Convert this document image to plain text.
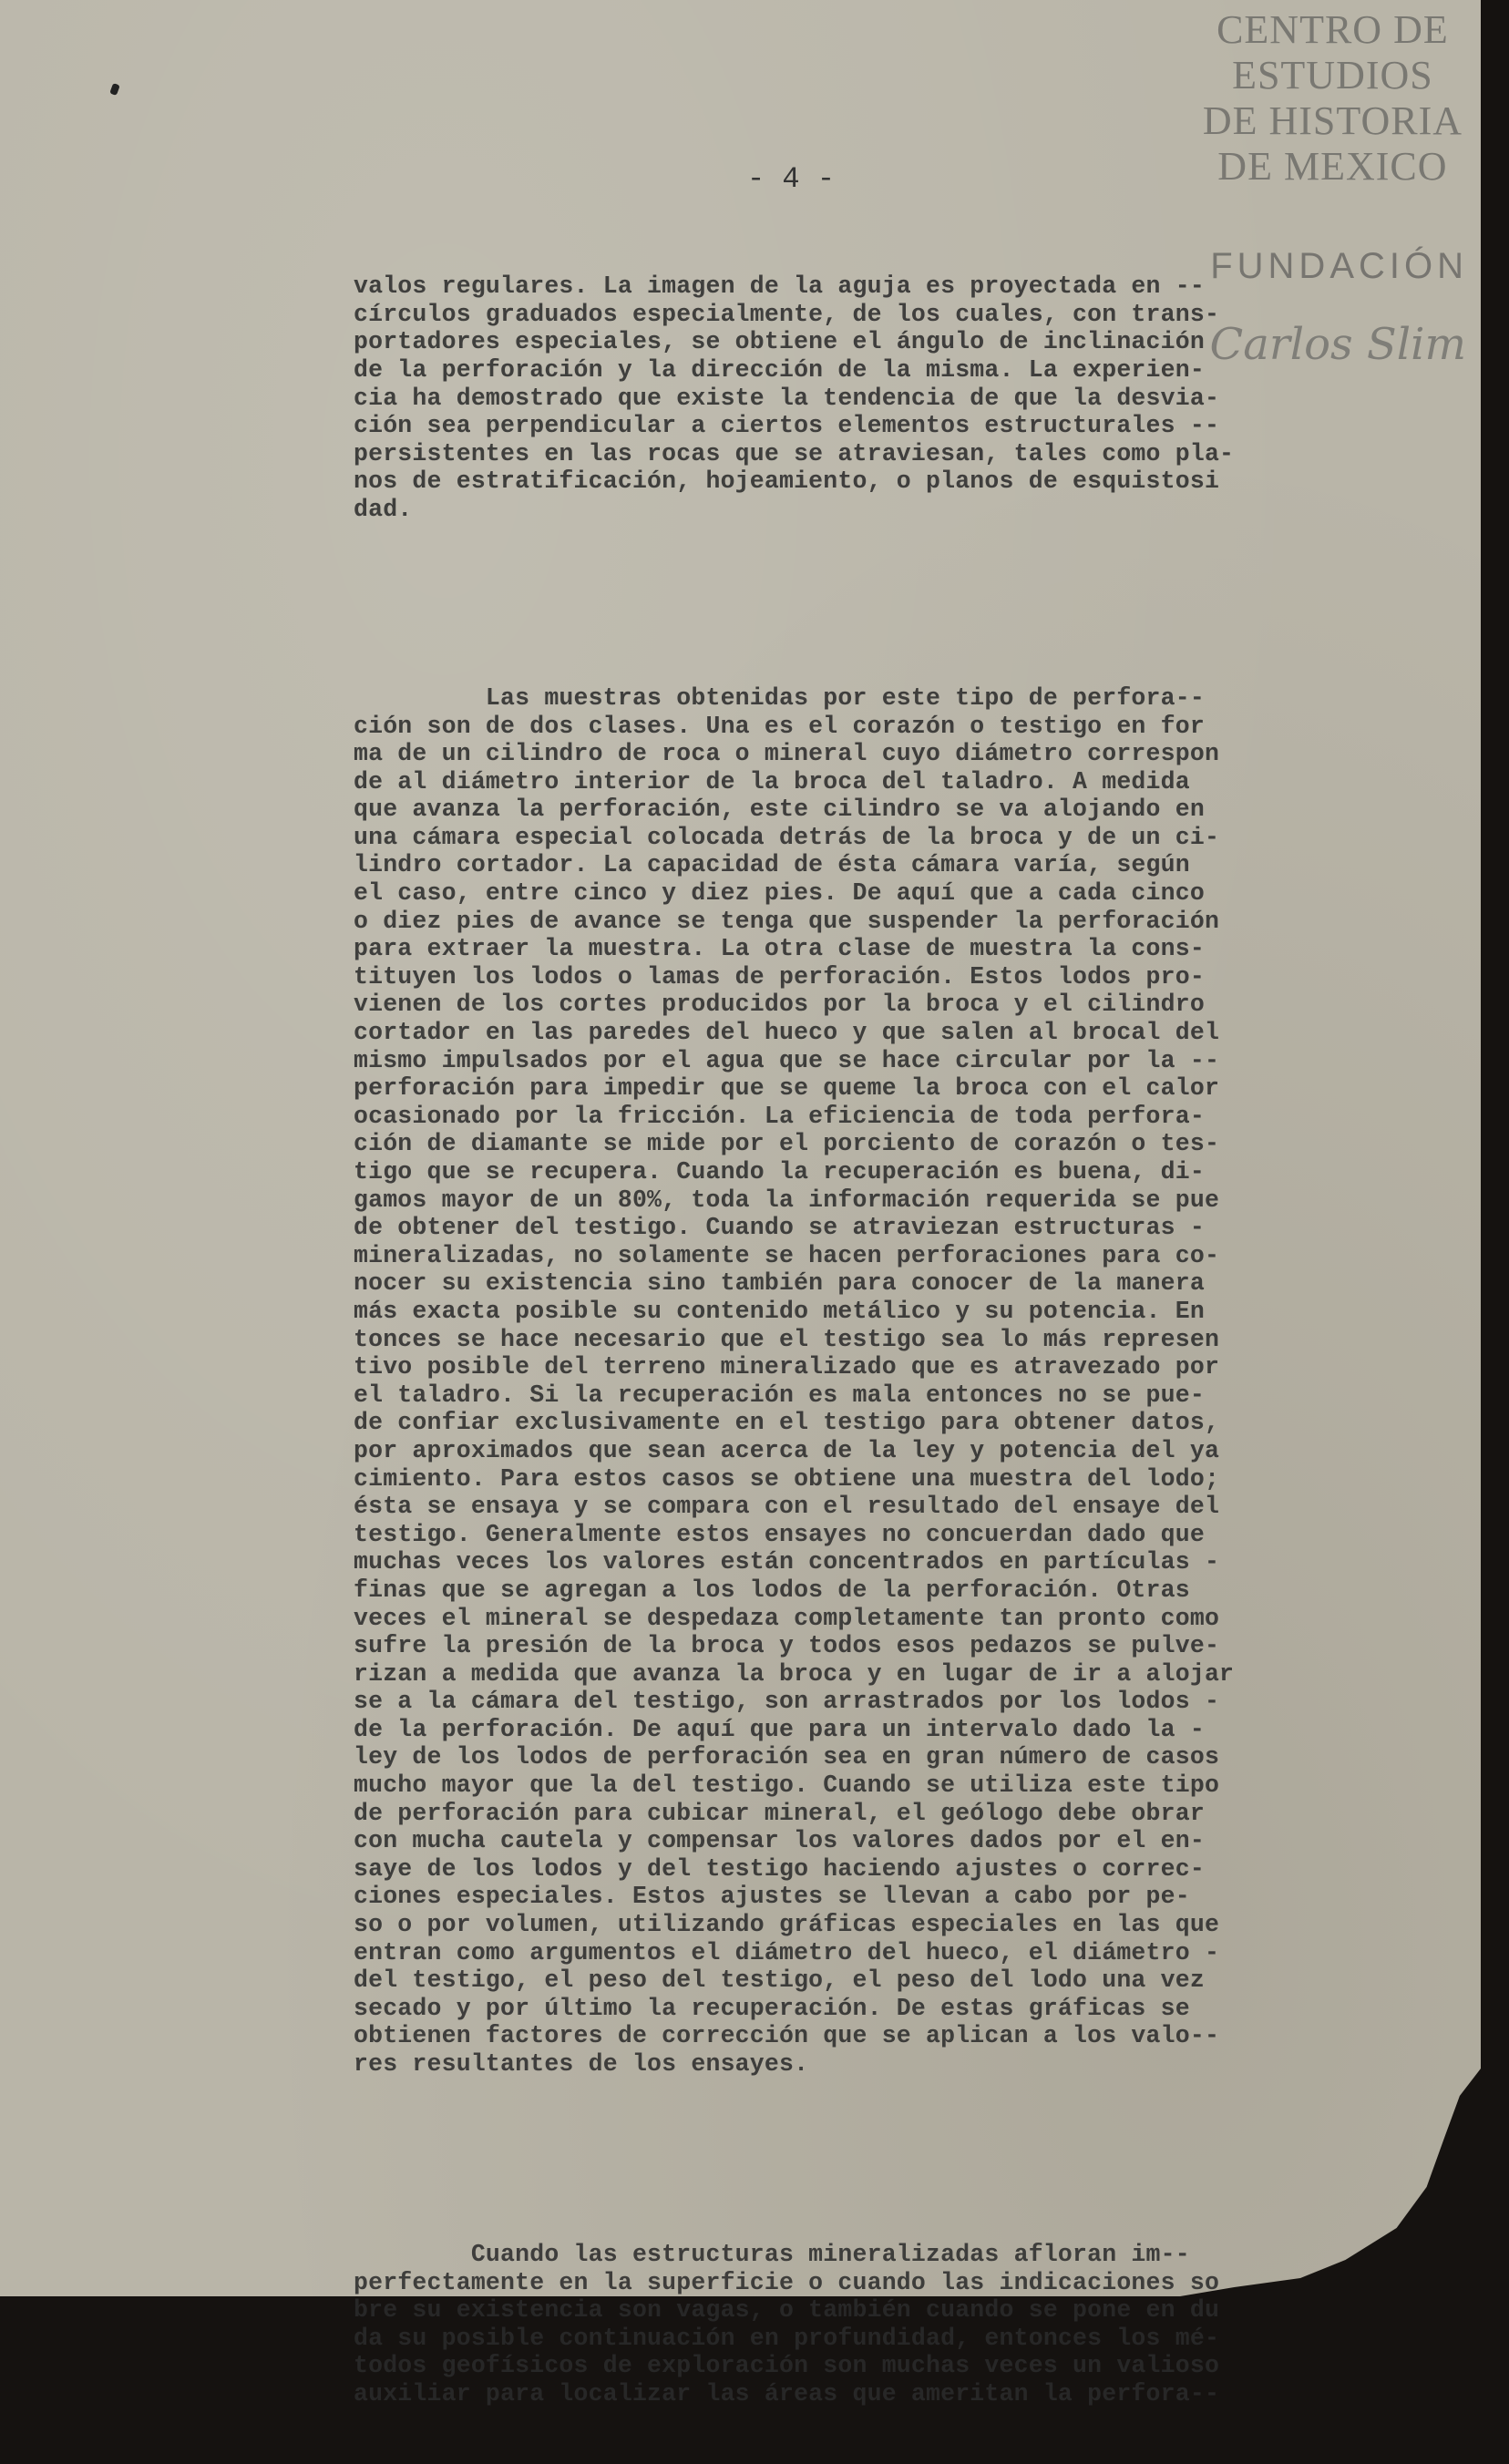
CENTRO DE
ESTUDIOS
DE HISTORIA
DE MEXICO
FUNDACIÓN
Carlos Slim
- 4 -

valos regulares. La imagen de la aguja es proyectada en --
círculos graduados especialmente, de los cuales, con trans-
portadores especiales, se obtiene el ángulo de inclinación
de la perforación y la dirección de la misma. La experien-
cia ha demostrado que existe la tendencia de que la desvia-
ción sea perpendicular a ciertos elementos estructurales --
persistentes en las rocas que se atraviesan, tales como pla-
nos de estratificación, hojeamiento, o planos de esquistosi
dad.

Las muestras obtenidas por este tipo de perfora--
ción son de dos clases. Una es el corazón o testigo en for
ma de un cilindro de roca o mineral cuyo diámetro correspon
de al diámetro interior de la broca del taladro. A medida
que avanza la perforación, este cilindro se va alojando en
una cámara especial colocada detrás de la broca y de un ci-
lindro cortador. La capacidad de ésta cámara varía, según
el caso, entre cinco y diez pies. De aquí que a cada cinco
o diez pies de avance se tenga que suspender la perforación
para extraer la muestra. La otra clase de muestra la cons-
tituyen los lodos o lamas de perforación. Estos lodos pro-
vienen de los cortes producidos por la broca y el cilindro
cortador en las paredes del hueco y que salen al brocal del
mismo impulsados por el agua que se hace circular por la --
perforación para impedir que se queme la broca con el calor
ocasionado por la fricción. La eficiencia de toda perfora-
ción de diamante se mide por el porciento de corazón o tes-
tigo que se recupera. Cuando la recuperación es buena, di-
gamos mayor de un 80%, toda la información requerida se pue
de obtener del testigo. Cuando se atraviezan estructuras -
mineralizadas, no solamente se hacen perforaciones para co-
nocer su existencia sino también para conocer de la manera
más exacta posible su contenido metálico y su potencia. En
tonces se hace necesario que el testigo sea lo más represen
tivo posible del terreno mineralizado que es atravezado por
el taladro. Si la recuperación es mala entonces no se pue-
de confiar exclusivamente en el testigo para obtener datos,
por aproximados que sean acerca de la ley y potencia del ya
cimiento. Para estos casos se obtiene una muestra del lodo;
ésta se ensaya y se compara con el resultado del ensaye del
testigo. Generalmente estos ensayes no concuerdan dado que
muchas veces los valores están concentrados en partículas -
finas que se agregan a los lodos de la perforación. Otras
veces el mineral se despedaza completamente tan pronto como
sufre la presión de la broca y todos esos pedazos se pulve-
rizan a medida que avanza la broca y en lugar de ir a alojar
se a la cámara del testigo, son arrastrados por los lodos -
de la perforación. De aquí que para un intervalo dado la -
ley de los lodos de perforación sea en gran número de casos
mucho mayor que la del testigo. Cuando se utiliza este tipo
de perforación para cubicar mineral, el geólogo debe obrar
con mucha cautela y compensar los valores dados por el en-
saye de los lodos y del testigo haciendo ajustes o correc-
ciones especiales. Estos ajustes se llevan a cabo por pe-
so o por volumen, utilizando gráficas especiales en las que
entran como argumentos el diámetro del hueco, el diámetro -
del testigo, el peso del testigo, el peso del lodo una vez
secado y por último la recuperación. De estas gráficas se
obtienen factores de corrección que se aplican a los valo--
res resultantes de los ensayes.

Cuando las estructuras mineralizadas afloran im--
perfectamente en la superficie o cuando las indicaciones so
bre su existencia son vagas, o también cuando se pone en du
da su posible continuación en profundidad, entonces los mé-
todos geofísicos de exploración son muchas veces un valioso
auxiliar para localizar las áreas que ameritan la perfora--
